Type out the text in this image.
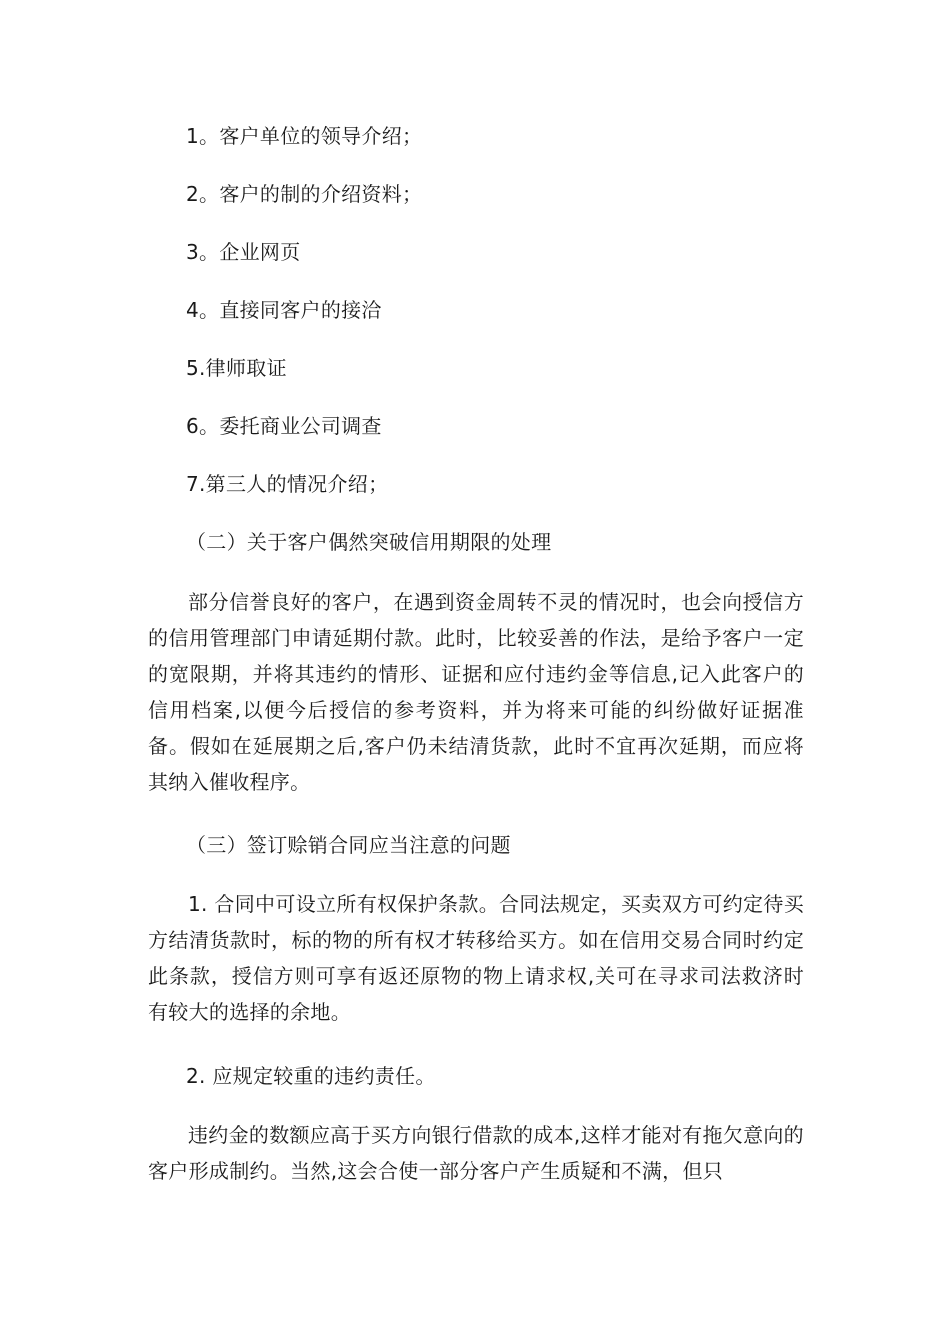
1。客户单位的领导介绍；
2。客户的制的介绍资料；
3。企业网页
4。直接同客户的接洽
5.律师取证
6。委托商业公司调查
7.第三人的情况介绍；
（二）关于客户偶然突破信用期限的处理
部分信誉良好的客户，在遇到资金周转不灵的情况时，也会向授信方的信用管理部门申请延期付款。此时，比较妥善的作法，是给予客户一定的宽限期，并将其违约的情形、证据和应付违约金等信息,记入此客户的信用档案,以便今后授信的参考资料，并为将来可能的纠纷做好证据准备。假如在延展期之后,客户仍未结清货款，此时不宜再次延期，而应将其纳入催收程序。
（三）签订赊销合同应当注意的问题
1. 合同中可设立所有权保护条款。合同法规定，买卖双方可约定待买方结清货款时，标的物的所有权才转移给买方。如在信用交易合同时约定此条款，授信方则可享有返还原物的物上请求权,关可在寻求司法救济时有较大的选择的余地。
2. 应规定较重的违约责任。
违约金的数额应高于买方向银行借款的成本,这样才能对有拖欠意向的客户形成制约。当然,这会合使一部分客户产生质疑和不满，但只
